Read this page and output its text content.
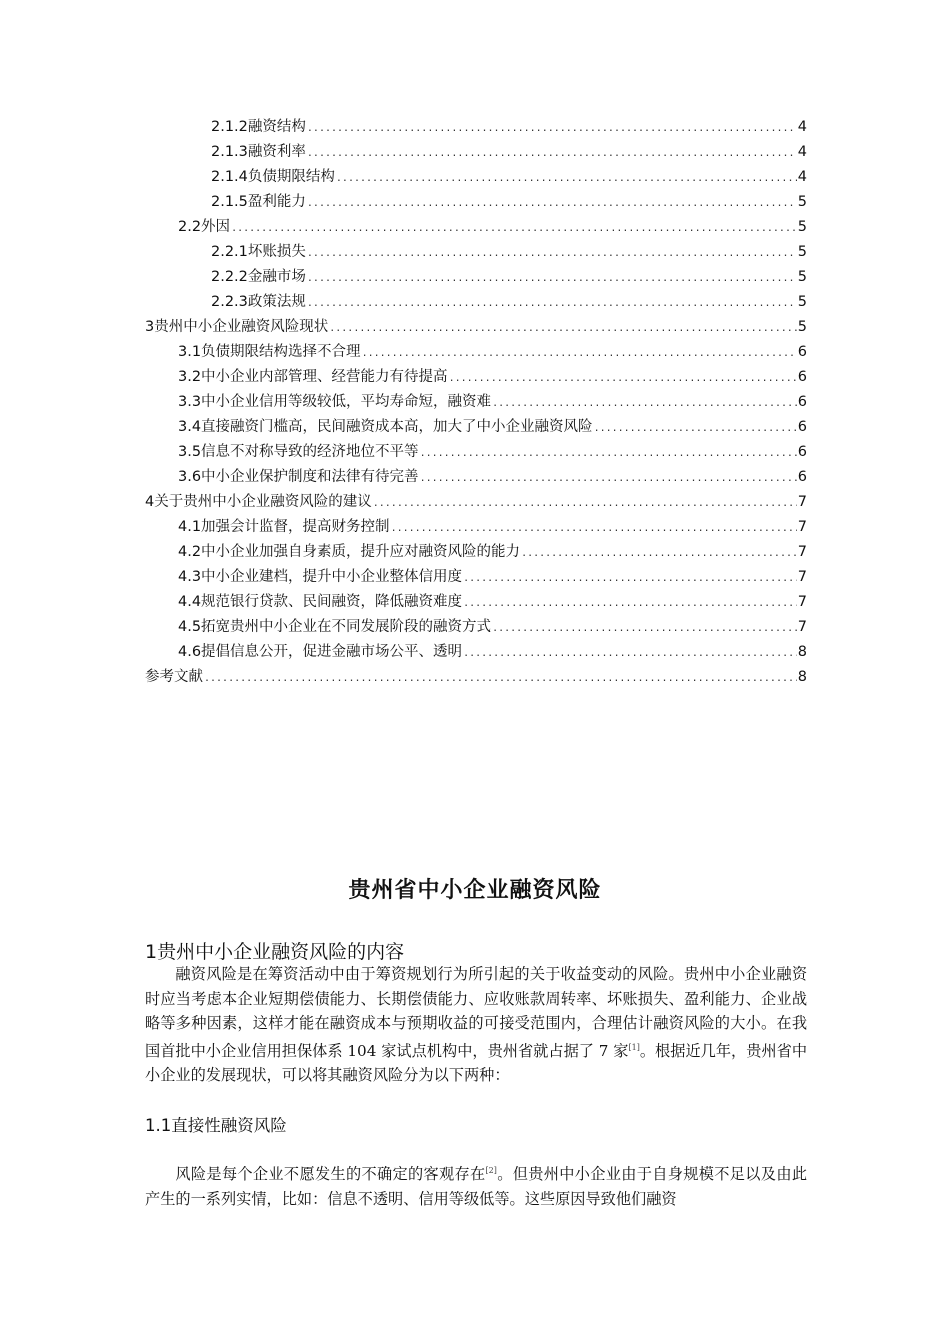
2.1.2融资结构 .....	4
2.1.3融资利率 .....	4
2.1.4负债期限结构 .....	4
2.1.5盈利能力 .....	5
2.2外因 .....	5
2.2.1坏账损失 .....	5
2.2.2金融市场 .....	5
2.2.3政策法规 .....	5
3贵州中小企业融资风险现状 .....	5
3.1负债期限结构选择不合理 .....	6
3.2中小企业内部管理、经营能力有待提高 .....	6
3.3中小企业信用等级较低，平均寿命短，融资难 .....	6
3.4直接融资门槛高，民间融资成本高，加大了中小企业融资风险 .....	6
3.5信息不对称导致的经济地位不平等 .....	6
3.6中小企业保护制度和法律有待完善 .....	6
4关于贵州中小企业融资风险的建议 .....	7
4.1加强会计监督，提高财务控制 .....	7
4.2中小企业加强自身素质，提升应对融资风险的能力 .....	7
4.3中小企业建档，提升中小企业整体信用度 .....	7
4.4规范银行贷款、民间融资，降低融资难度 .....	7
4.5拓宽贵州中小企业在不同发展阶段的融资方式 .....	7
4.6提倡信息公开，促进金融市场公平、透明 .....	8
参考文献 .....	8
贵州省中小企业融资风险
1贵州中小企业融资风险的内容
融资风险是在筹资活动中由于筹资规划行为所引起的关于收益变动的风险。贵州中小企业融资时应当考虑本企业短期偿债能力、长期偿债能力、应收账款周转率、坏账损失、盈利能力、企业战略等多种因素，这样才能在融资成本与预期收益的可接受范围内，合理估计融资风险的大小。在我国首批中小企业信用担保体系 104 家试点机构中，贵州省就占据了 7 家[1]。根据近几年，贵州省中小企业的发展现状，可以将其融资风险分为以下两种：
1.1直接性融资风险
风险是每个企业不愿发生的不确定的客观存在[2]。但贵州中小企业由于自身规模不足以及由此产生的一系列实情，比如：信息不透明、信用等级低等。这些原因导致他们融资
